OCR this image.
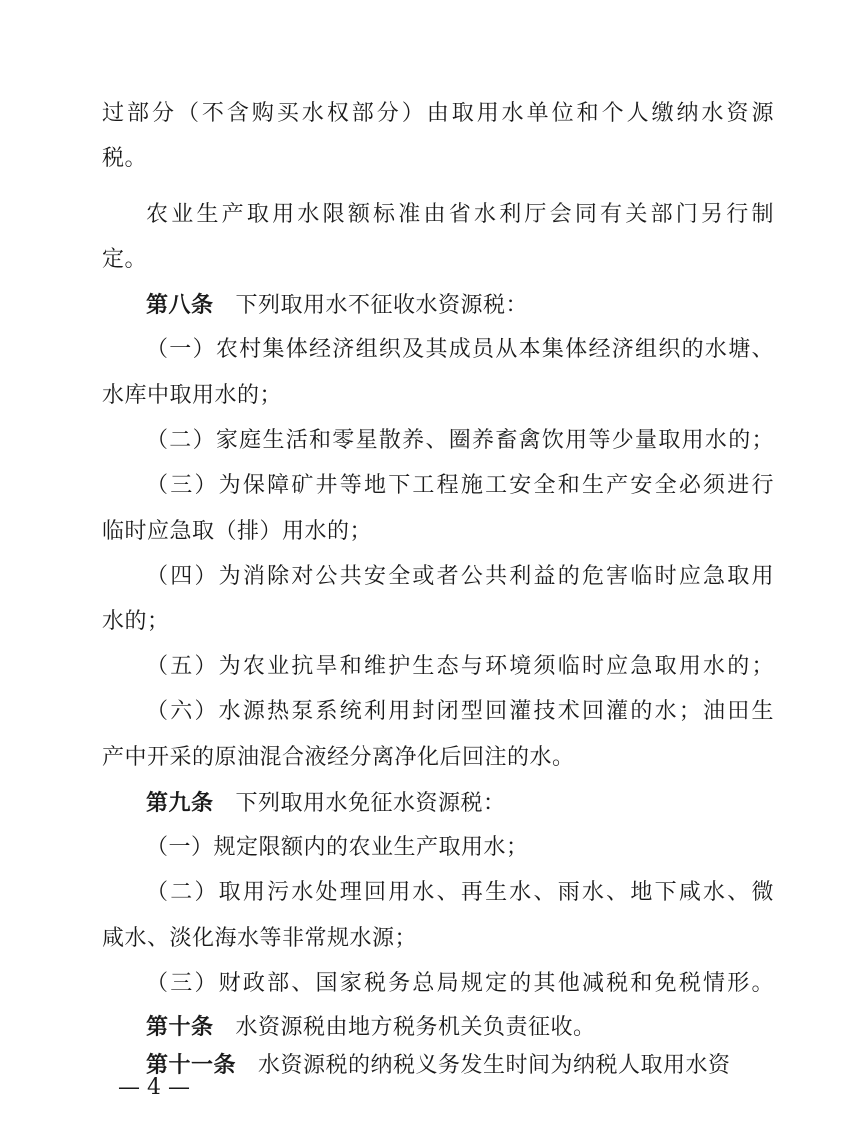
过部分（不含购买水权部分）由取用水单位和个人缴纳水资源
税。
农业生产取用水限额标准由省水利厅会同有关部门另行制
定。
第八条 下列取用水不征收水资源税：
（一）农村集体经济组织及其成员从本集体经济组织的水塘、
水库中取用水的；
（二）家庭生活和零星散养、圈养畜禽饮用等少量取用水的；
（三）为保障矿井等地下工程施工安全和生产安全必须进行
临时应急取（排）用水的；
（四）为消除对公共安全或者公共利益的危害临时应急取用
水的；
（五）为农业抗旱和维护生态与环境须临时应急取用水的；
（六）水源热泵系统利用封闭型回灌技术回灌的水；油田生
产中开采的原油混合液经分离净化后回注的水。
第九条 下列取用水免征水资源税：
（一）规定限额内的农业生产取用水；
（二）取用污水处理回用水、再生水、雨水、地下咸水、微
咸水、淡化海水等非常规水源；
（三）财政部、国家税务总局规定的其他减税和免税情形。
第十条 水资源税由地方税务机关负责征收。
第十一条 水资源税的纳税义务发生时间为纳税人取用水资
— 4 —
